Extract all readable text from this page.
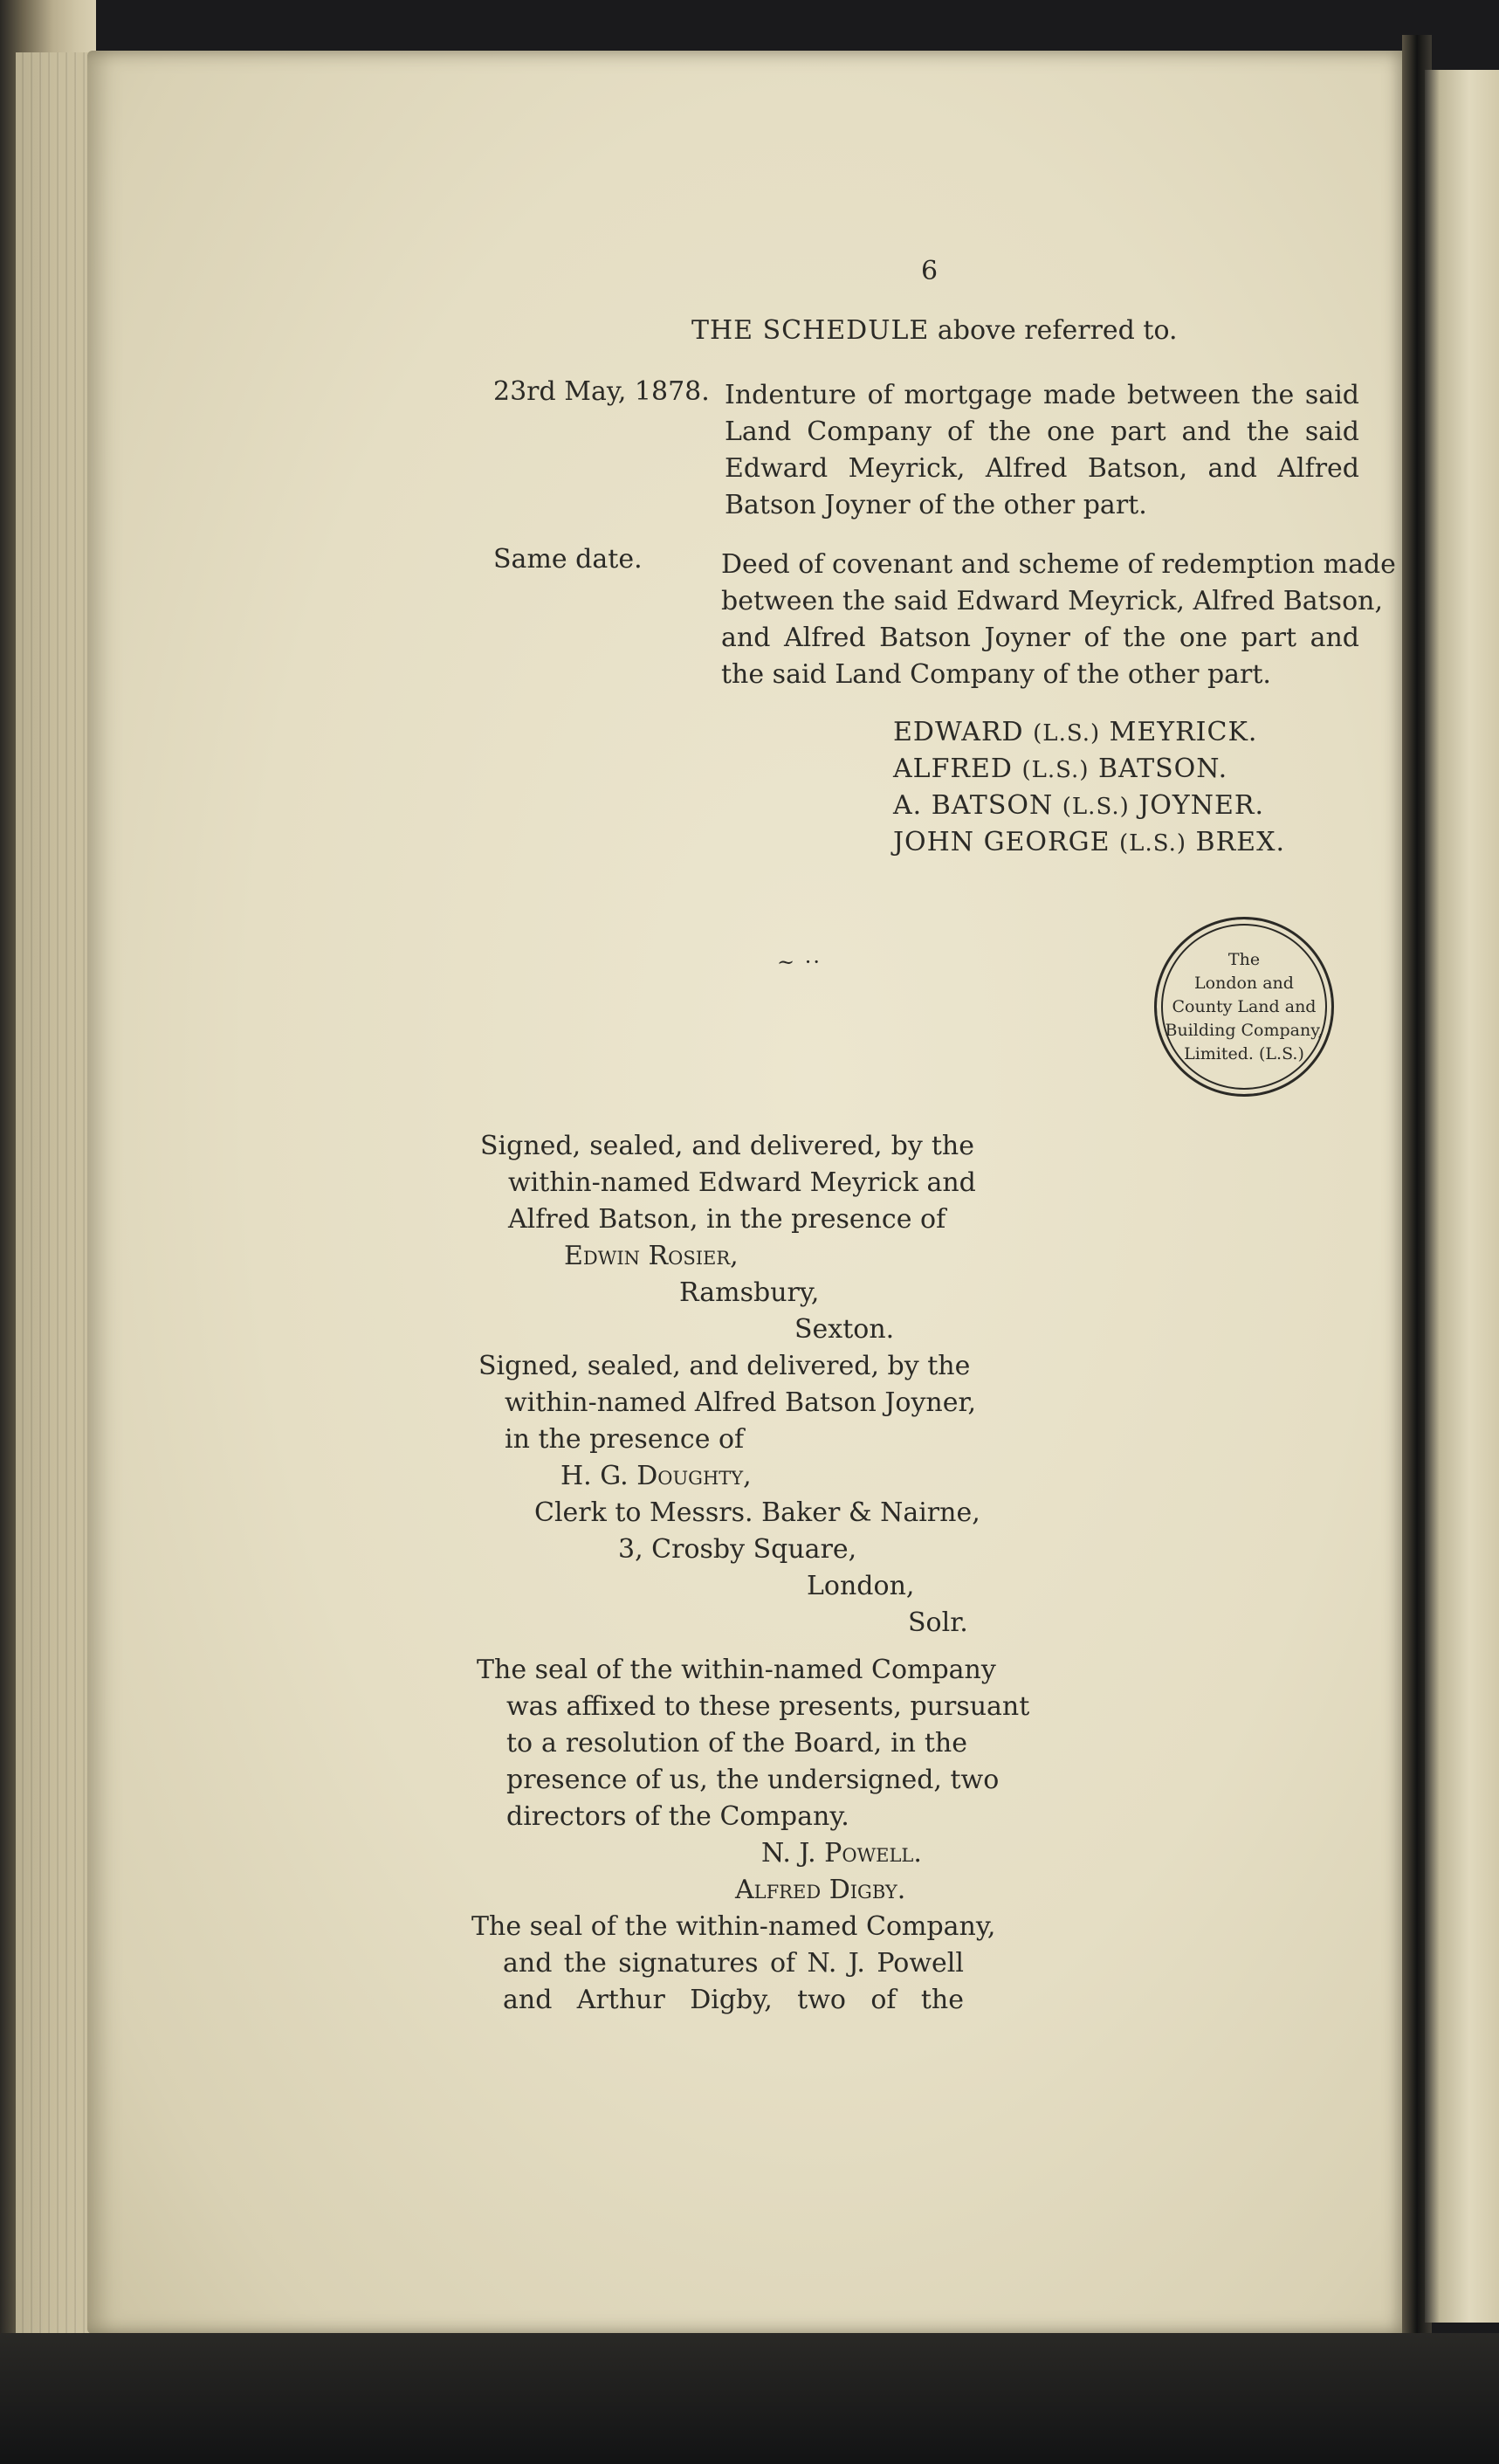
6
THE SCHEDULE above referred to.
23rd May, 1878. Indenture of mortgage made between the said
Land Company of the one part and the said
Edward Meyrick, Alfred Batson, and Alfred
Batson Joyner of the other part.
Same date.	Deed of covenant and scheme of redemption made
between the said Edward Meyrick, Alfred Batson,
and Alfred Batson Joyner of the one part and
the said Land Company of the other part.
EDWARD (L.S.) MEYRICK.
ALFRED (L.S.) BATSON.
A. BATSON (L.S.) JOYNER.
JOHN GEORGE (L.S.) BREX.
~ ··	The
London and
County Land and
Building Company,
Limited. (L.S.)
Signed, sealed, and delivered, by the
within-named Edward Meyrick and
Alfred Batson, in the presence of
Edwin Rosier,
Ramsbury,
Sexton.
Signed, sealed, and delivered, by the
within-named Alfred Batson Joyner,
in the presence of
H. G. Doughty,
Clerk to Messrs. Baker & Nairne,
3, Crosby Square,
London,
Solr.
The seal of the within-named Company
was affixed to these presents, pursuant
to a resolution of the Board, in the
presence of us, the undersigned, two
directors of the Company.
N. J. Powell.
Alfred Digby.
The seal of the within-named Company,
and the signatures of N. J. Powell
and Arthur Digby, two of the
